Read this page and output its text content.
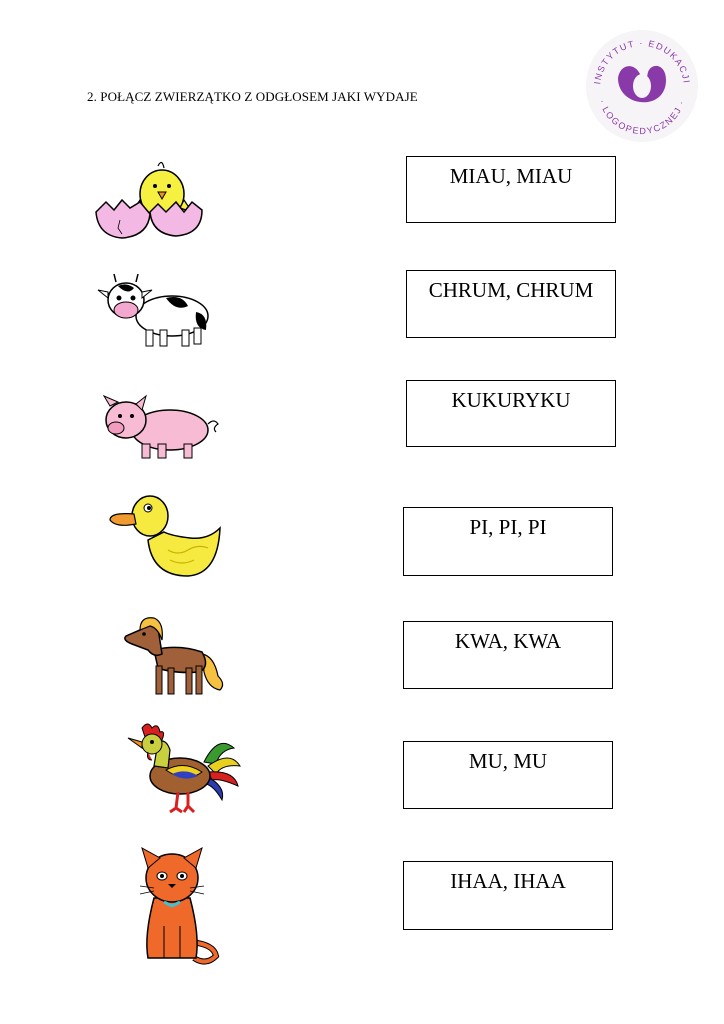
2. POŁĄCZ ZWIERZĄTKO Z ODGŁOSEM JAKI WYDAJE
INSTYTUT · EDUKACJI
· LOGOPEDYCZNEJ ·
MIAU, MIAU
CHRUM, CHRUM
KUKURYKU
PI, PI, PI
KWA, KWA
MU, MU
IHAA, IHAA
